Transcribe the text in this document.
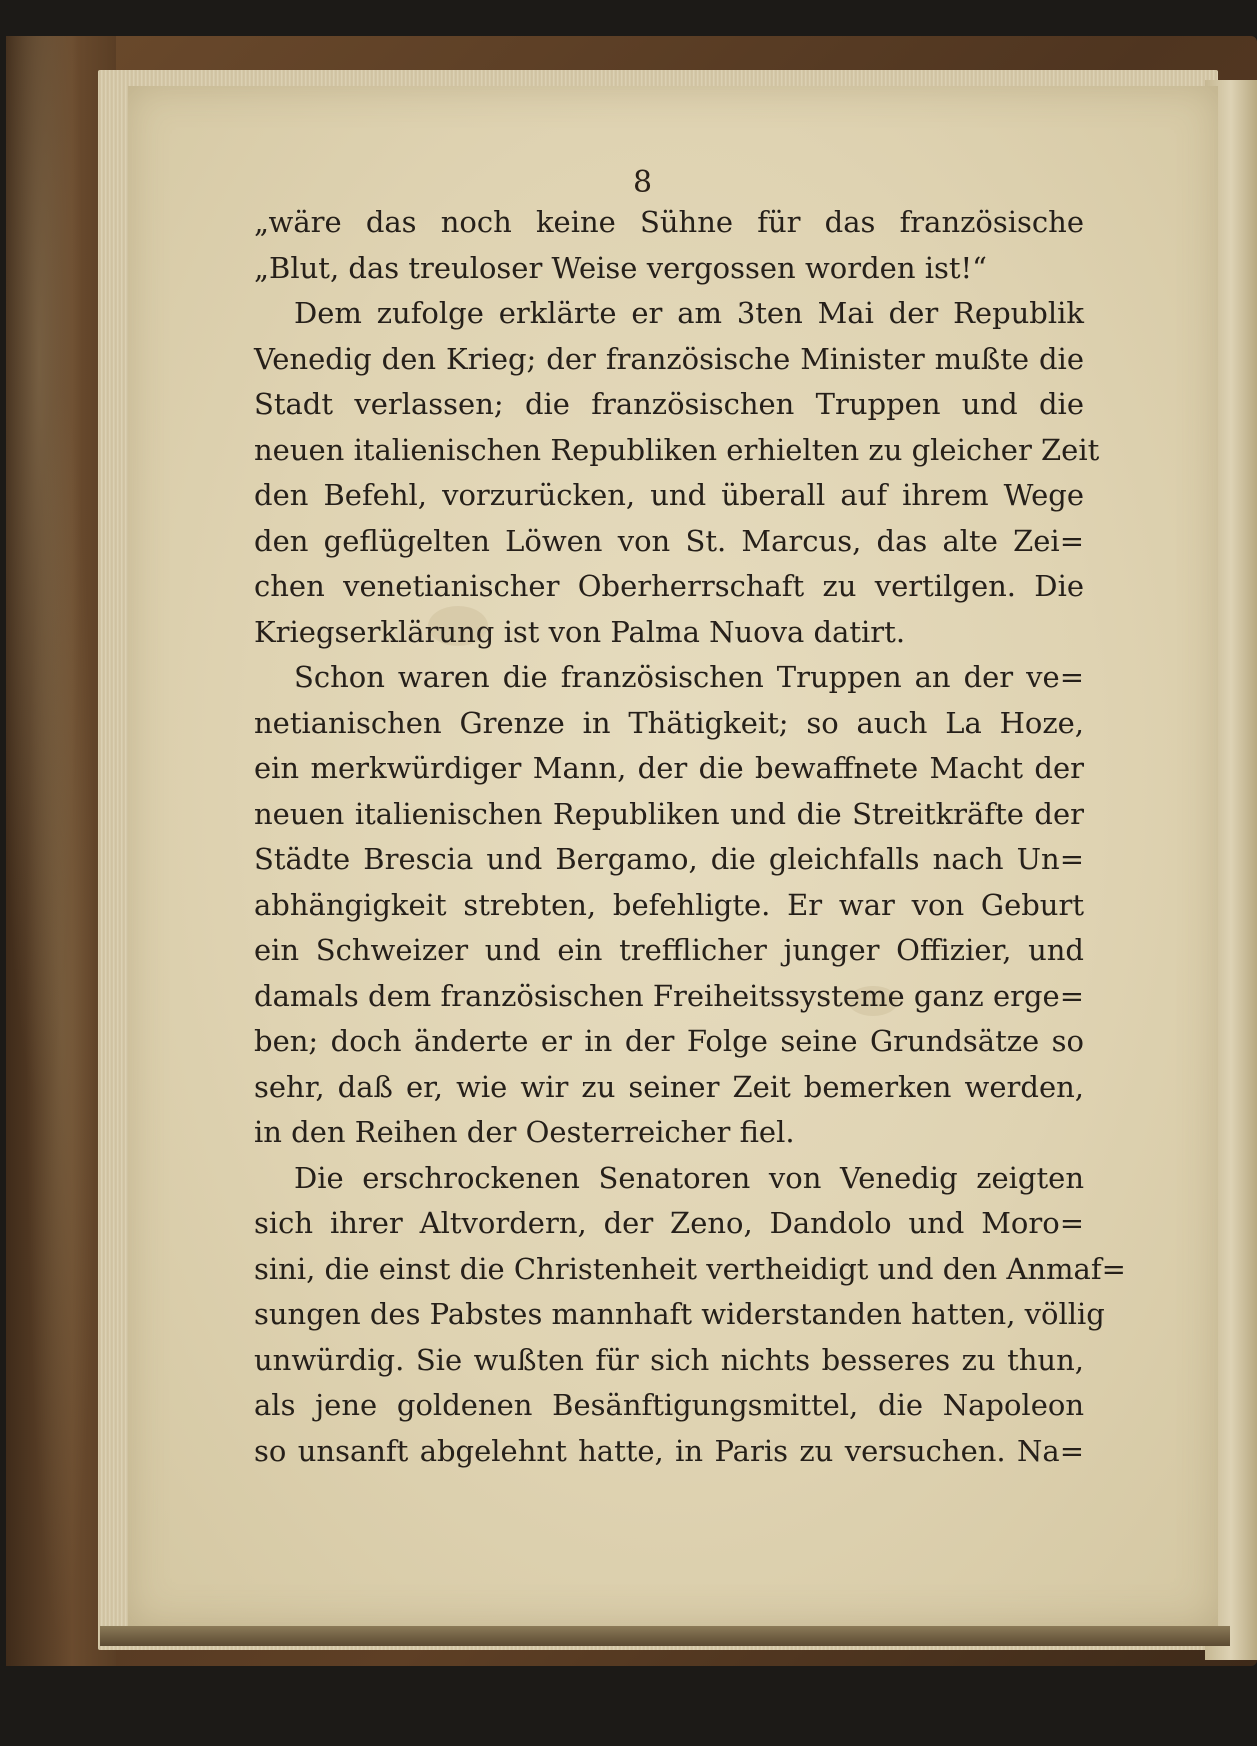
8
„wäre das noch keine Sühne für das französische
„Blut, das treuloser Weise vergossen worden ist!“
Dem zufolge erklärte er am 3ten Mai der Republik
Venedig den Krieg; der französische Minister mußte die
Stadt verlassen; die französischen Truppen und die
neuen italienischen Republiken erhielten zu gleicher Zeit
den Befehl, vorzurücken, und überall auf ihrem Wege
den geflügelten Löwen von St. Marcus, das alte Zei=
chen venetianischer Oberherrschaft zu vertilgen. Die
Kriegserklärung ist von Palma Nuova datirt.
Schon waren die französischen Truppen an der ve=
netianischen Grenze in Thätigkeit; so auch La Hoze,
ein merkwürdiger Mann, der die bewaffnete Macht der
neuen italienischen Republiken und die Streitkräfte der
Städte Brescia und Bergamo, die gleichfalls nach Un=
abhängigkeit strebten, befehligte. Er war von Geburt
ein Schweizer und ein trefflicher junger Offizier, und
damals dem französischen Freiheitssysteme ganz erge=
ben; doch änderte er in der Folge seine Grundsätze so
sehr, daß er, wie wir zu seiner Zeit bemerken werden,
in den Reihen der Oesterreicher fiel.
Die erschrockenen Senatoren von Venedig zeigten
sich ihrer Altvordern, der Zeno, Dandolo und Moro=
sini, die einst die Christenheit vertheidigt und den Anmaf=
sungen des Pabstes mannhaft widerstanden hatten, völlig
unwürdig. Sie wußten für sich nichts besseres zu thun,
als jene goldenen Besänftigungsmittel, die Napoleon
so unsanft abgelehnt hatte, in Paris zu versuchen. Na=
